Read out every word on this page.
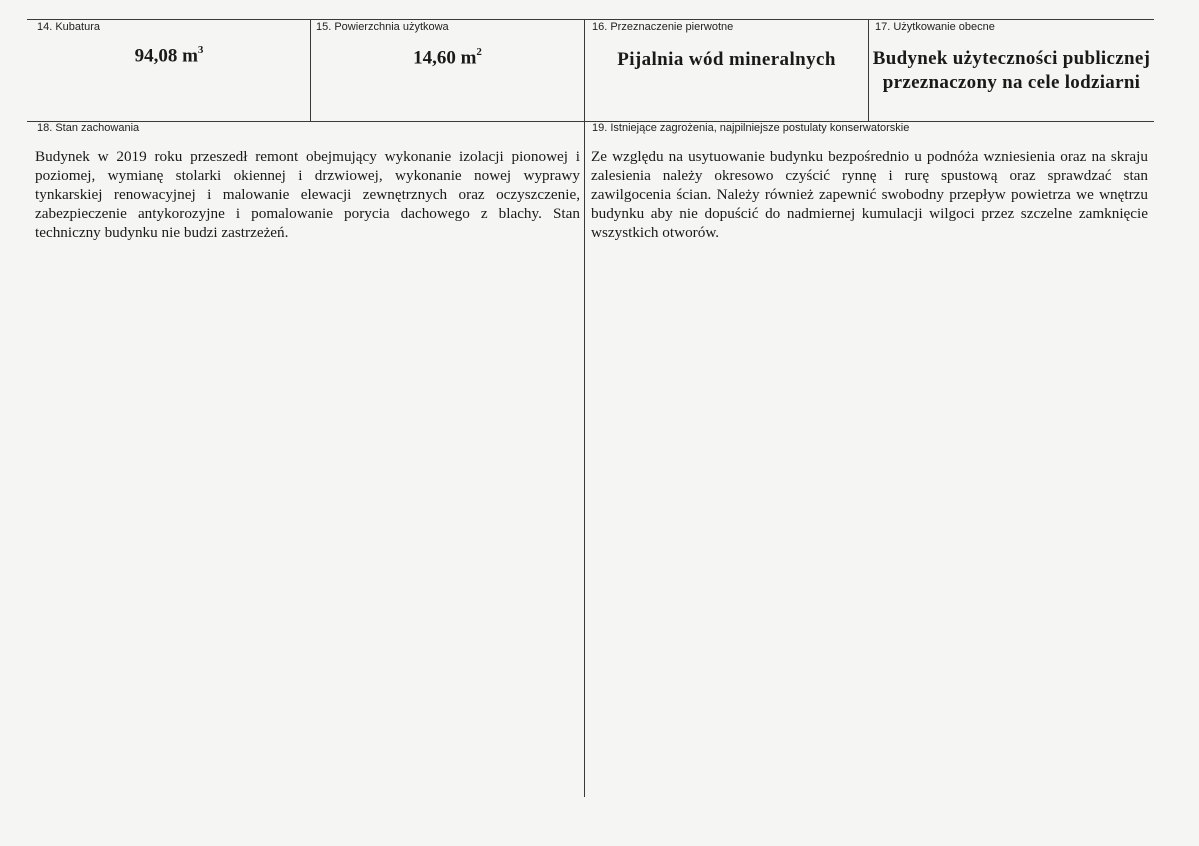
14. Kubatura
94,08 $m^3$
15. Powierzchnia użytkowa
14,60 $m^2$
16. Przeznaczenie pierwotne
Pijalnia wód mineralnych
17. Użytkowanie obecne
Budynek użyteczności publicznej
przeznaczony na cele lodziarni
18. Stan zachowania
Budynek w 2019 roku przeszedł remont obejmujący wykonanie izolacji pionowej i poziomej, wymianę stolarki okiennej i drzwiowej, wykonanie nowej wyprawy tynkarskiej renowacyjnej i malowanie elewacji zewnętrznych oraz oczyszczenie, zabezpieczenie antykorozyjne i pomalowanie porycia dachowego z blachy. Stan techniczny budynku nie budzi zastrzeżeń.
19. Istniejące zagrożenia, najpilniejsze postulaty konserwatorskie
Ze względu na usytuowanie budynku bezpośrednio u podnóża wzniesienia oraz na skraju zalesienia należy okresowo czyścić rynnę i rurę spustową oraz sprawdzać stan zawilgocenia ścian. Należy również zapewnić swobodny przepływ powietrza we wnętrzu budynku aby nie dopuścić do nadmiernej kumulacji wilgoci przez szczelne zamknięcie wszystkich otworów.
